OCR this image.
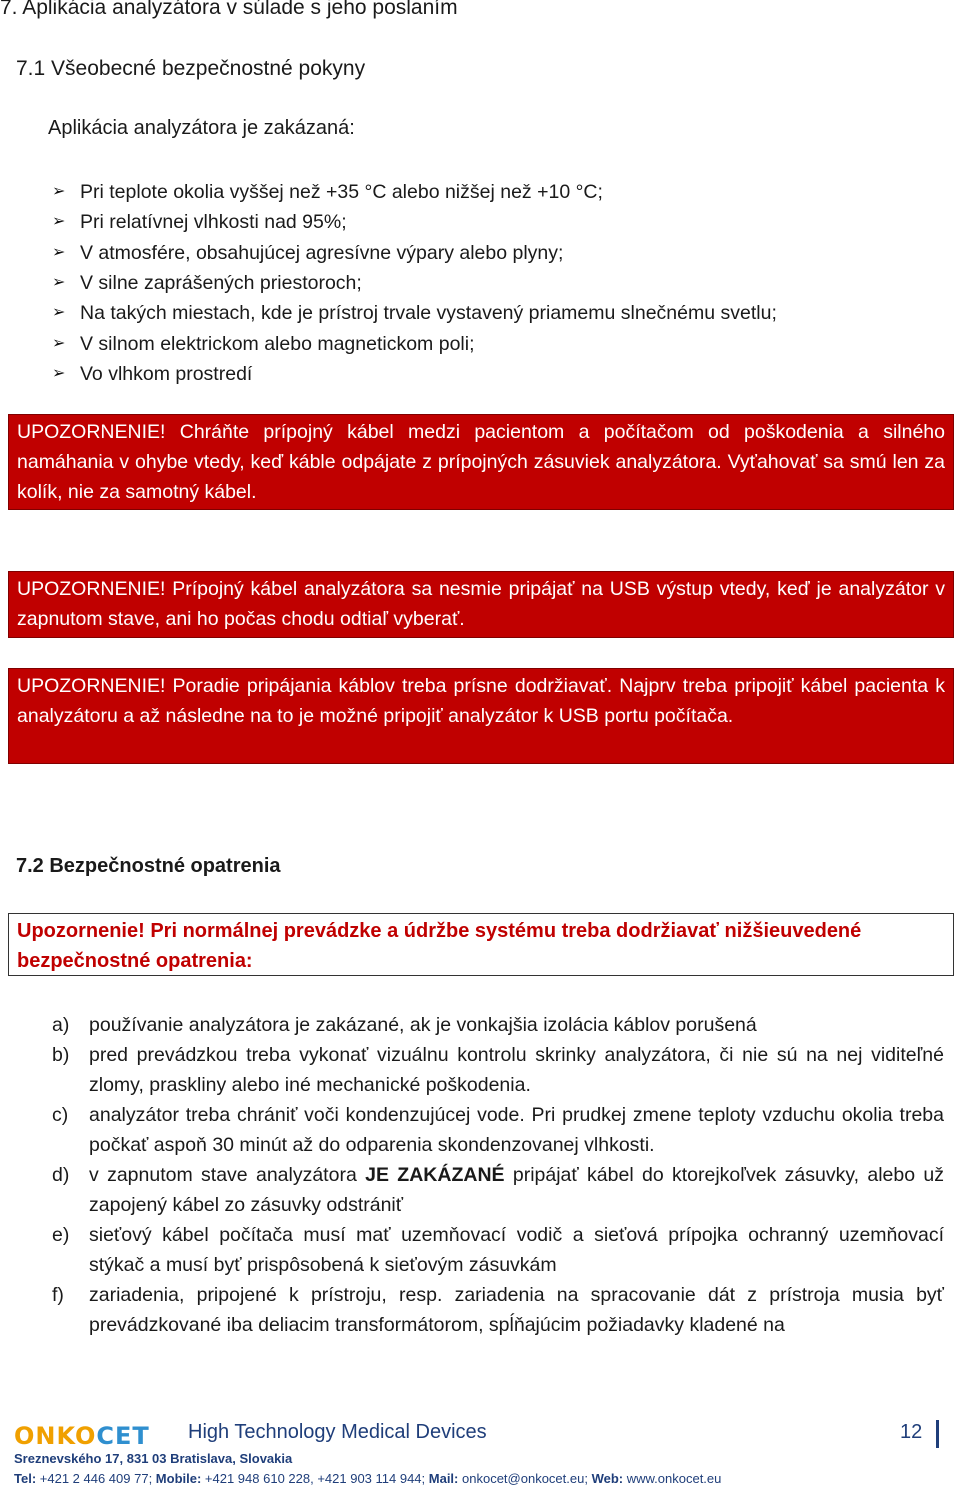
7. Aplikácia analyzátora v súlade s jeho poslaním
7.1 Všeobecné bezpečnostné pokyny
Aplikácia analyzátora je zakázaná:
➢ Pri teplote okolia vyššej než +35 °C alebo nižšej než +10 °C;
➢ Pri relatívnej vlhkosti nad 95%;
➢ V atmosfére, obsahujúcej agresívne výpary alebo plyny;
➢ V silne zaprášených priestoroch;
➢ Na takých miestach, kde je prístroj trvale vystavený priamemu slnečnému svetlu;
➢ V silnom elektrickom alebo magnetickom poli;
➢ Vo vlhkom prostredí
UPOZORNENIE! Chráňte prípojný kábel medzi pacientom a počítačom od poškodenia a silného namáhania v ohybe vtedy, keď káble odpájate z prípojných zásuviek analyzátora. Vyťahovať sa smú len za kolík, nie za samotný kábel.
UPOZORNENIE! Prípojný kábel analyzátora sa nesmie pripájať na USB výstup vtedy, keď je analyzátor v zapnutom stave, ani ho počas chodu odtiaľ vyberať.
UPOZORNENIE! Poradie pripájania káblov treba prísne dodržiavať. Najprv treba pripojiť kábel pacienta k analyzátoru a až následne na to je možné pripojiť analyzátor k USB portu počítača.
7.2 Bezpečnostné opatrenia
Upozornenie! Pri normálnej prevádzke a údržbe systému treba dodržiavať nižšieuvedené bezpečnostné opatrenia:
a) používanie analyzátora je zakázané, ak je vonkajšia izolácia káblov porušená
b) pred prevádzkou treba vykonať vizuálnu kontrolu skrinky analyzátora, či nie sú na nej viditeľné zlomy, praskliny alebo iné mechanické poškodenia.
c) analyzátor treba chrániť voči kondenzujúcej vode. Pri prudkej zmene teploty vzduchu okolia treba počkať aspoň 30 minút až do odparenia skondenzovanej vlhkosti.
d) v zapnutom stave analyzátora JE ZAKÁZANÉ pripájať kábel do ktorejkoľvek zásuvky, alebo už zapojený kábel zo zásuvky odstrániť
e) sieťový kábel počítača musí mať uzemňovací vodič a sieťová prípojka ochranný uzemňovací stýkač a musí byť prispôsobená k sieťovým zásuvkám
f) zariadenia, pripojené k prístroju, resp. zariadenia na spracovanie dát z prístroja musia byť prevádzkované iba deliacim transformátorom, spĺňajúcim požiadavky kladené na
ONKO CET High Technology Medical Devices	12
Sreznevského 17, 831 03 Bratislava, Slovakia
Tel: +421 2 446 409 77; Mobile: +421 948 610 228, +421 903 114 944; Mail: onkocet@onkocet.eu; Web: www.onkocet.eu
